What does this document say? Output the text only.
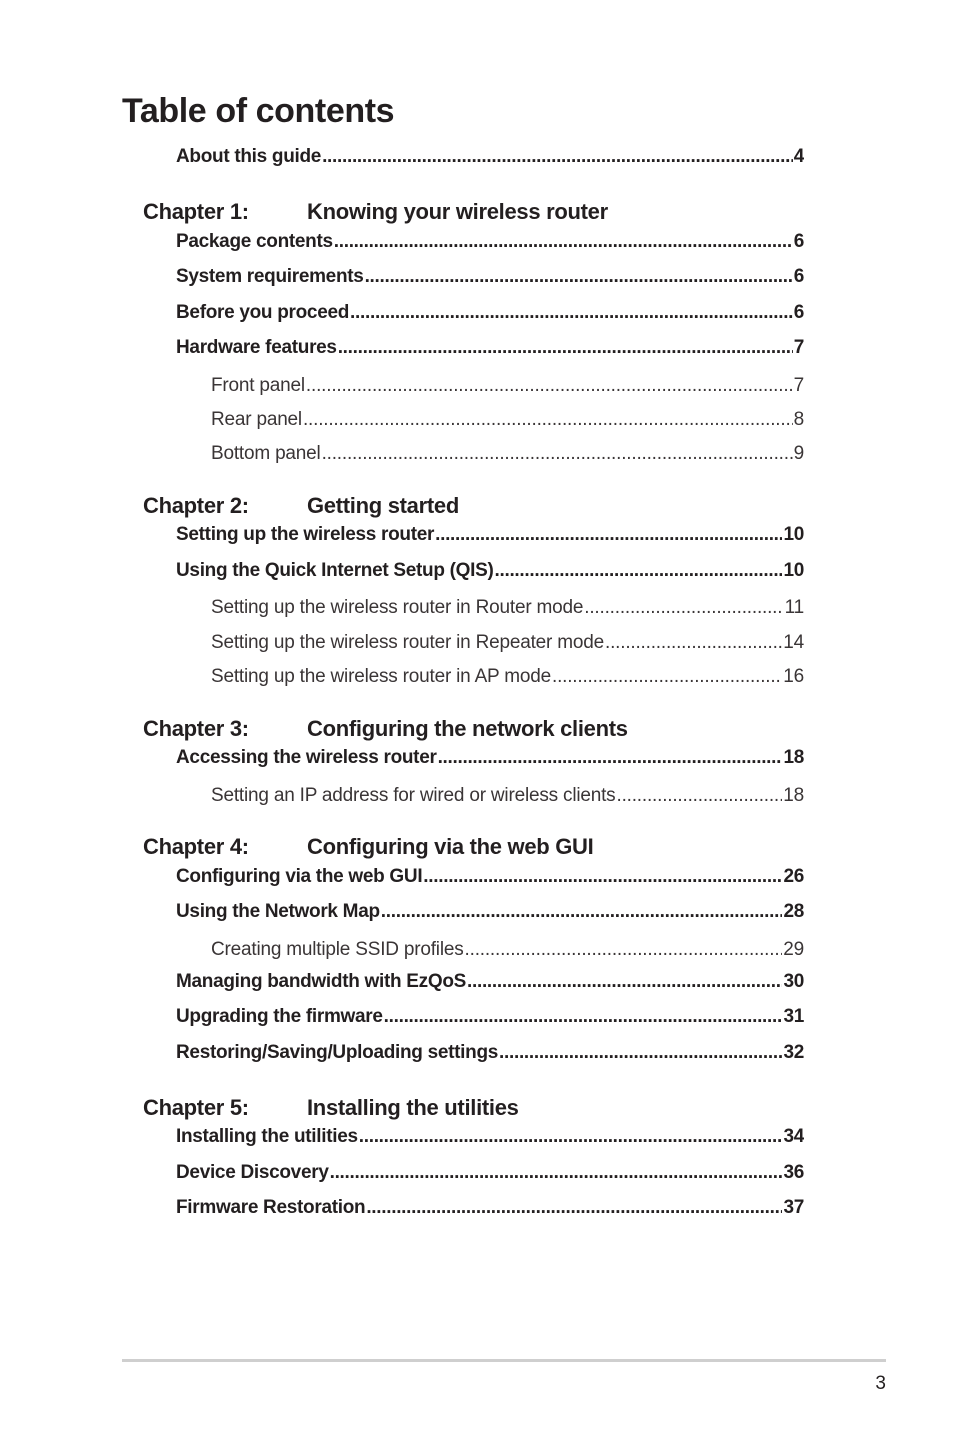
Table of contents
About this guide .....	4
Chapter 1:	Knowing your wireless router
Package contents .....	6
System requirements .....	6
Before you proceed .....	6
Hardware features .....	7
Front panel .....	7
Rear panel .....	8
Bottom panel .....	9
Chapter 2:	Getting started
Setting up the wireless router .....	10
Using the Quick Internet Setup (QIS) .....	10
Setting up the wireless router in Router mode .....	11
Setting up the wireless router in Repeater mode .....	14
Setting up the wireless router in AP mode .....	16
Chapter 3:	Configuring the network clients
Accessing the wireless router .....	18
Setting an IP address for wired or wireless clients .....	18
Chapter 4:	Configuring via the web GUI
Configuring via the web GUI .....	26
Using the Network Map .....	28
Creating multiple SSID profiles .....	29
Managing bandwidth with EzQoS .....	30
Upgrading the firmware .....	31
Restoring/Saving/Uploading settings .....	32
Chapter 5:	Installing the utilities
Installing the utilities .....	34
Device Discovery .....	36
Firmware Restoration .....	37
3
